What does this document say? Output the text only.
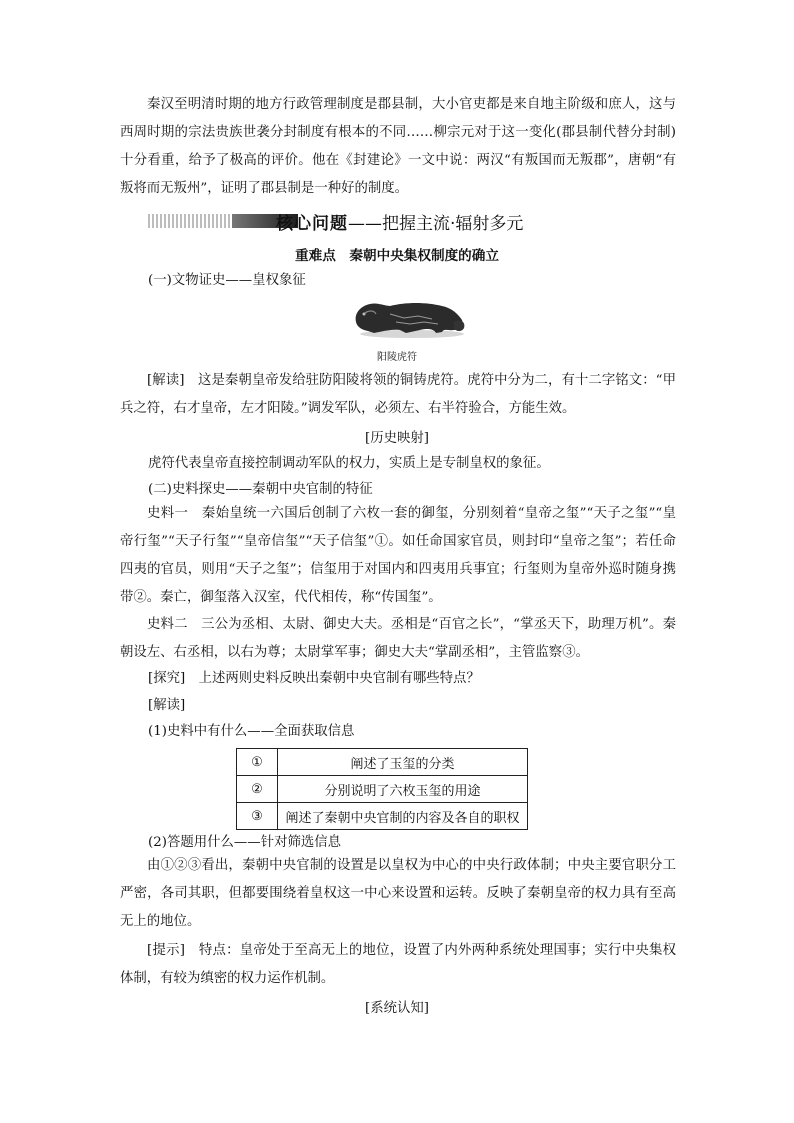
秦汉至明清时期的地方行政管理制度是郡县制，大小官吏都是来自地主阶级和庶人，这与西周时期的宗法贵族世袭分封制度有根本的不同……柳宗元对于这一变化(郡县制代替分封制)十分看重，给予了极高的评价。他在《封建论》一文中说：两汉“有叛国而无叛郡”，唐朝“有叛将而无叛州”，证明了郡县制是一种好的制度。
核心问题——把握主流·辐射多元
重难点　秦朝中央集权制度的确立
(一)文物证史——皇权象征
阳陵虎符
[解读]　这是秦朝皇帝发给驻防阳陵将领的铜铸虎符。虎符中分为二，有十二字铭文：“甲兵之符，右才皇帝，左才阳陵。”调发军队，必须左、右半符验合，方能生效。
[历史映射]
虎符代表皇帝直接控制调动军队的权力，实质上是专制皇权的象征。
(二)史料探史——秦朝中央官制的特征
史料一　秦始皇统一六国后创制了六枚一套的御玺，分别刻着“皇帝之玺”“天子之玺”“皇帝行玺”“天子行玺”“皇帝信玺”“天子信玺”①。如任命国家官员，则封印“皇帝之玺”；若任命四夷的官员，则用“天子之玺”；信玺用于对国内和四夷用兵事宜；行玺则为皇帝外巡时随身携带②。秦亡，御玺落入汉室，代代相传，称“传国玺”。
史料二　三公为丞相、太尉、御史大夫。丞相是“百官之长”，“掌丞天下，助理万机”。秦朝设左、右丞相，以右为尊；太尉掌军事；御史大夫“掌副丞相”，主管监察③。
[探究]　上述两则史料反映出秦朝中央官制有哪些特点？
[解读]
(1)史料中有什么——全面获取信息
①	阐述了玉玺的分类
②	分别说明了六枚玉玺的用途
③	阐述了秦朝中央官制的内容及各自的职权
(2)答题用什么——针对筛选信息
由①②③看出，秦朝中央官制的设置是以皇权为中心的中央行政体制；中央主要官职分工严密，各司其职，但都要围绕着皇权这一中心来设置和运转。反映了秦朝皇帝的权力具有至高无上的地位。
[提示]　特点：皇帝处于至高无上的地位，设置了内外两种系统处理国事；实行中央集权体制，有较为缜密的权力运作机制。
[系统认知]
